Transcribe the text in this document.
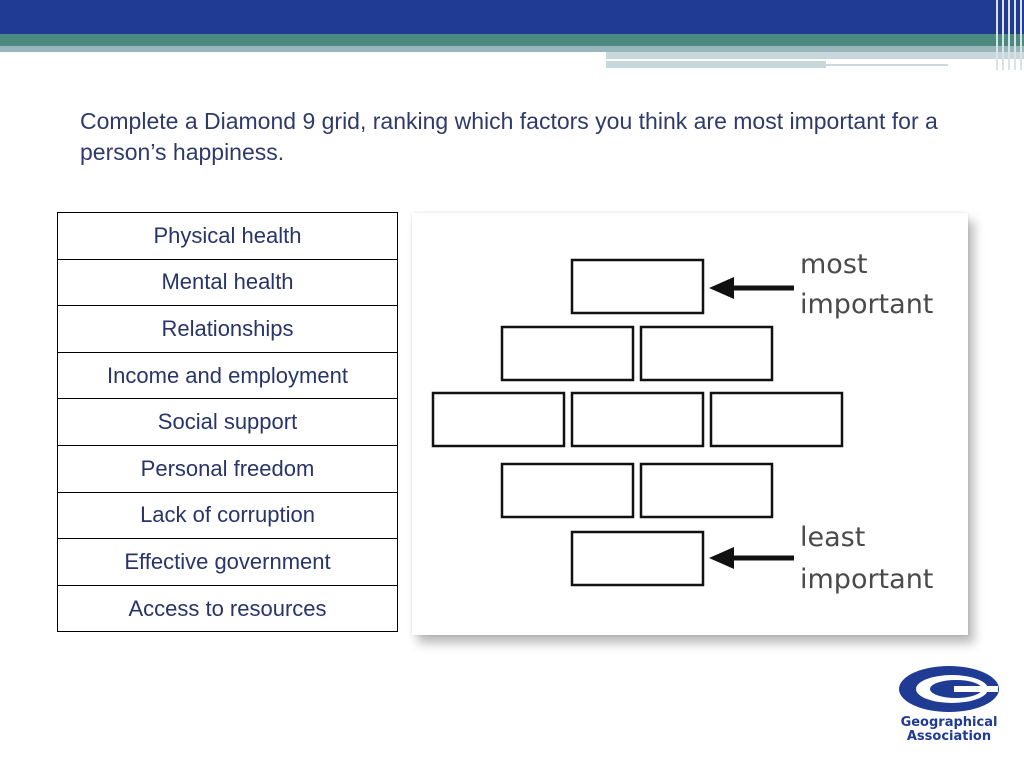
Complete a Diamond 9 grid, ranking which factors you think are most important for a person’s happiness.
Physical health
Mental health
Relationships
Income and employment
Social support
Personal freedom
Lack of corruption
Effective government
Access to resources
most
important
least
important
Geographical
Association
